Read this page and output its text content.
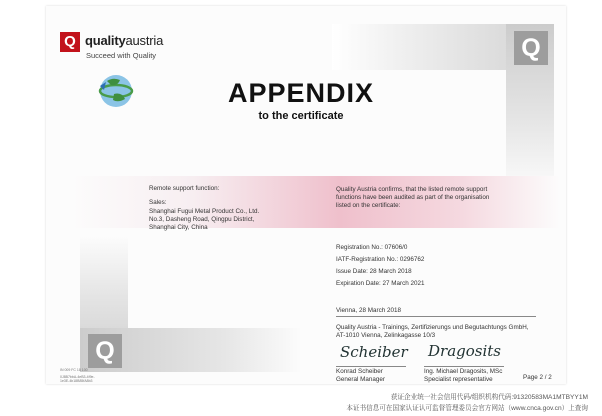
Q
Q
Q qualityaustria
Succeed with Quality
APPENDIX
to the certificate
Remote support function:
Sales:
Shanghai Fugui Metal Product Co., Ltd.
No.3, Dasheng Road, Qingpu District,
Shanghai City, China
Quality Austria confirms, that the listed remote support
functions have been audited as part of the organisation
listed on the certificate:
Registration No.: 07606/0
IATF-Registration No.: 0296762
Issue Date: 28 March 2018
Expiration Date: 27 March 2021
Vienna, 28 March 2018
Quality Austria - Trainings, Zertifizierungs und Begutachtungs GmbH,
AT-1010 Vienna, Zelinkagasse 10/3
Scheiber Dragosits
Konrad Scheiber
General Manager
Ing. Michael Dragosits, MSc
Specialist representative	Page 2 / 2
IN 009 FC 18 100
0J8B7bbA-4eB3-4f9e-
1e3E-4b18B85fA8b3
获证企业统一社会信用代码/组织机构代码:91320583MA1MTBYY1M
本证书信息可在国家认证认可监督管理委员会官方网站（www.cnca.gov.cn）上查询
